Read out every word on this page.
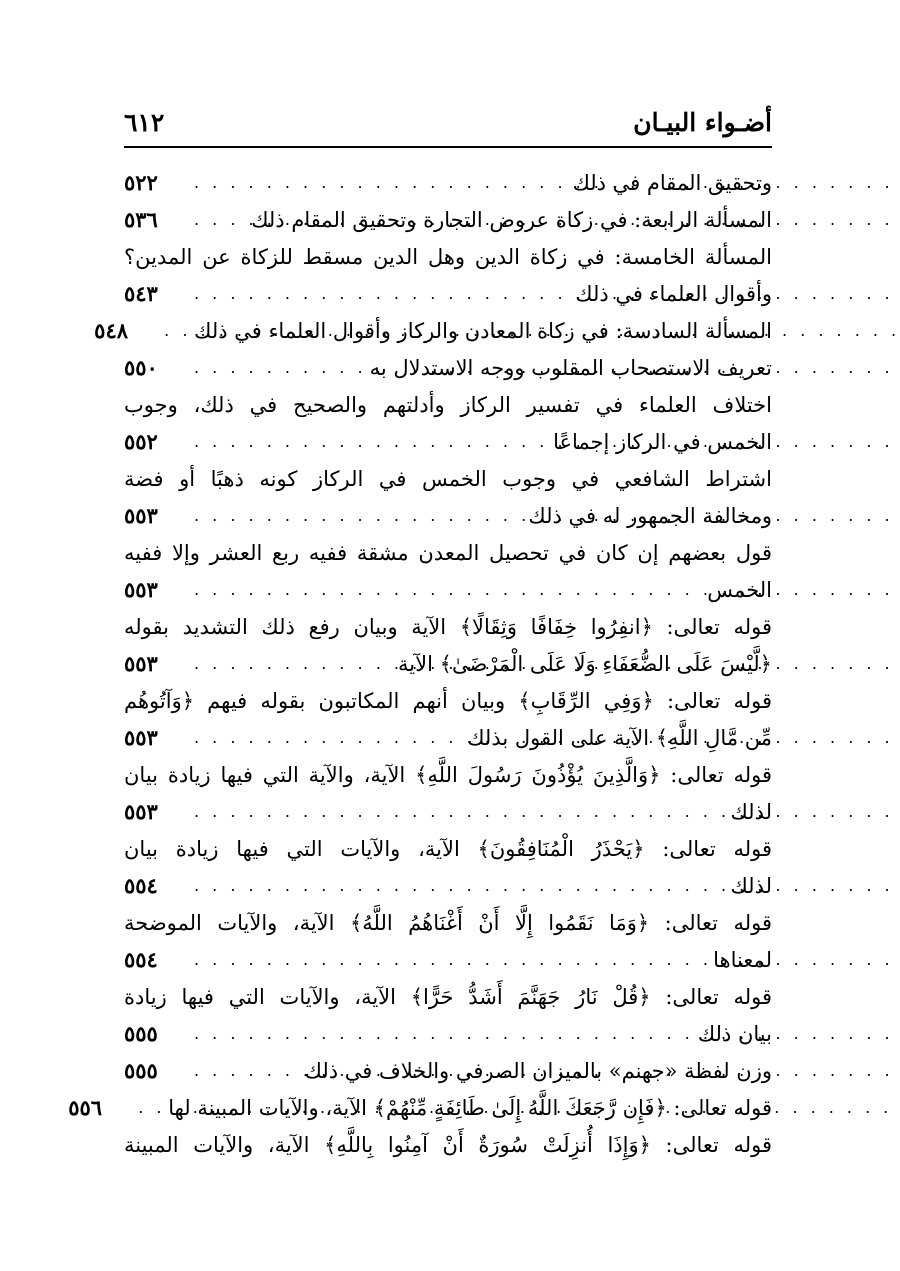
أضـواء البيـان
٦١٢
وتحقيق المقام في ذلك
. . .
٥٢٢
المسألة الرابعة: في زكاة عروض التجارة وتحقيق المقام ذلك
. . .
٥٣٦
المسألة الخامسة: في زكاة الدين وهل الدين مسقط للزكاة عن المدين؟
وأقوال العلماء في ذلك
. . .
٥٤٣
المسألة السادسة: في زكاة المعادن والركاز وأقوال العلماء في ذلك
. . .
٥٤٨
تعريف الاستصحاب المقلوب ووجه الاستدلال به
. . .
٥٥٠
اختلاف العلماء في تفسير الركاز وأدلتهم والصحيح في ذلك، وجوب
الخمس في الركاز إجماعًا
. . .
٥٥٢
اشتراط الشافعي في وجوب الخمس في الركاز كونه ذهبًا أو فضة
ومخالفة الجمهور له في ذلك
. . .
٥٥٣
قول بعضهم إن كان في تحصيل المعدن مشقة ففيه ربع العشر وإلا ففيه
الخمس
. . .
٥٥٣
قوله تعالى: ﴿انفِرُوا خِفَافًا وَثِقَالًا﴾ الآية وبيان رفع ذلك التشديد بقوله
﴿لَّيْسَ عَلَى الضُّعَفَاءِ وَلَا عَلَى الْمَرْضَىٰ﴾ الآية
. . .
٥٥٣
قوله تعالى: ﴿وَفِي الرِّقَابِ﴾ وبيان أنهم المكاتبون بقوله فيهم ﴿وَآتُوهُم
مِّن مَّالِ اللَّهِ﴾ الآية على القول بذلك
. . .
٥٥٣
قوله تعالى: ﴿وَالَّذِينَ يُؤْذُونَ رَسُولَ اللَّهِ﴾ الآية، والآية التي فيها زيادة بيان
لذلك
. . .
٥٥٣
قوله تعالى: ﴿يَحْذَرُ الْمُنَافِقُونَ﴾ الآية، والآيات التي فيها زيادة بيان
لذلك
. . .
٥٥٤
قوله تعالى: ﴿وَمَا نَقَمُوا إِلَّا أَنْ أَغْنَاهُمُ اللَّهُ﴾ الآية، والآيات الموضحة
لمعناها
. . .
٥٥٤
قوله تعالى: ﴿قُلْ نَارُ جَهَنَّمَ أَشَدُّ حَرًّا﴾ الآية، والآيات التي فيها زيادة
بيان ذلك
. . .
٥٥٥
وزن لفظة «جهنم» بالميزان الصرفي والخلاف في ذلك
. . .
٥٥٥
قوله تعالى: ﴿فَإِن رَّجَعَكَ اللَّهُ إِلَىٰ طَائِفَةٍ مِّنْهُمْ﴾ الآية، والآيات المبينة لها
. . .
٥٥٦
قوله تعالى: ﴿وَإِذَا أُنزِلَتْ سُورَةٌ أَنْ آمِنُوا بِاللَّهِ﴾ الآية، والآيات المبينة
